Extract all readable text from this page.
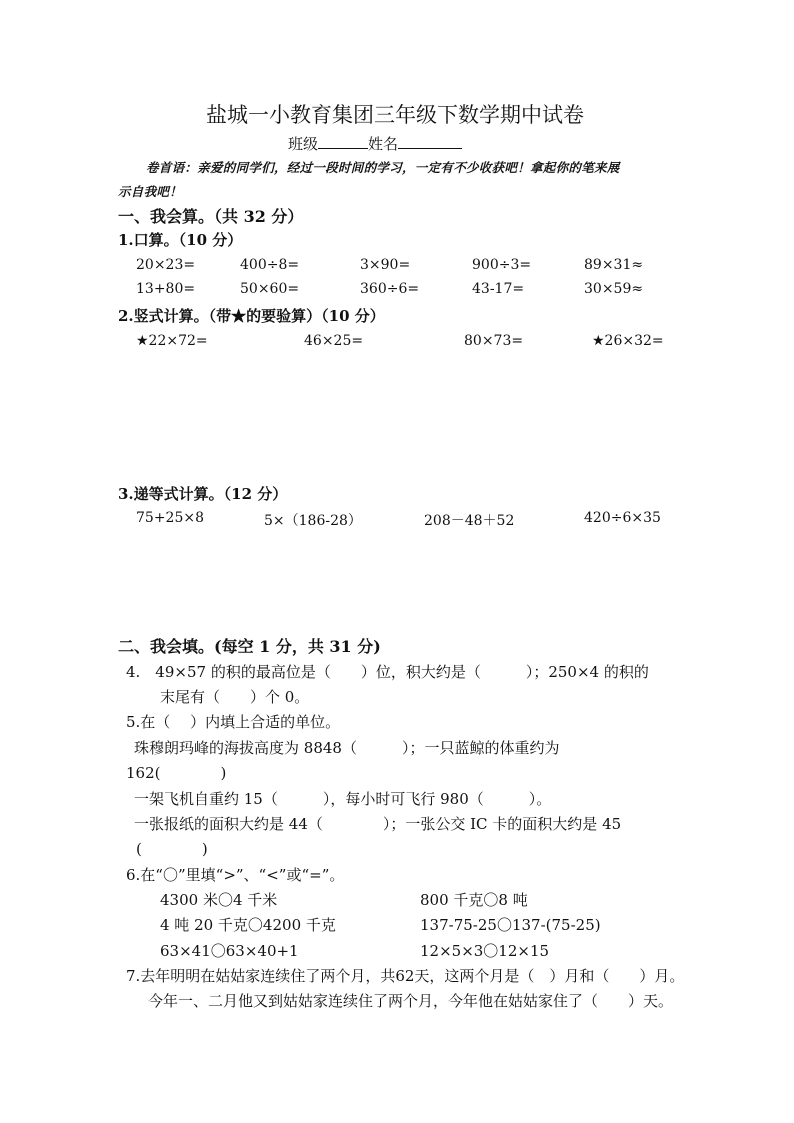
盐城一小教育集团三年级下数学期中试卷
班级	姓名
卷首语：亲爱的同学们，经过一段时间的学习，一定有不少收获吧！拿起你的笔来展
示自我吧！
一、我会算。（共 32 分）
1.口算。（10 分）
20×23=	400÷8=	3×90=	900÷3=	89×31≈
13+80=	50×60=	360÷6=	43-17=	30×59≈
2.竖式计算。（带★的要验算）（10 分）
★22×72=	46×25=	80×73=	★26×32=
3.递等式计算。（12 分）
75+25×8	5×（186-28）	208－48＋52	420÷6×35
二、我会填。(每空 1 分，共 31 分)
4.　49×57 的积的最高位是（　　）位，积大约是（　　　）；250×4 的积的
末尾有（　　）个 0。
5.在（　 ）内填上合适的单位。
珠穆朗玛峰的海拔高度为 8848（　　　）；一只蓝鲸的体重约为
162(　　　　)
一架飞机自重约 15（　　　），每小时可飞行 980（　　　）。
一张报纸的面积大约是 44（　　　　）；一张公交 IC 卡的面积大约是 45
(　　　　)
6.在“〇”里填“>”、“<”或“=”。
4300 米〇4 千米	800 千克〇8 吨
4 吨 20 千克〇4200 千克	137-75-25〇137-(75-25)
63×41〇63×40+1	12×5×3〇12×15
7.去年明明在姑姑家连续住了两个月，共62天，这两个月是（　）月和（　　）月。
今年一、二月他又到姑姑家连续住了两个月，今年他在姑姑家住了（　　）天。
